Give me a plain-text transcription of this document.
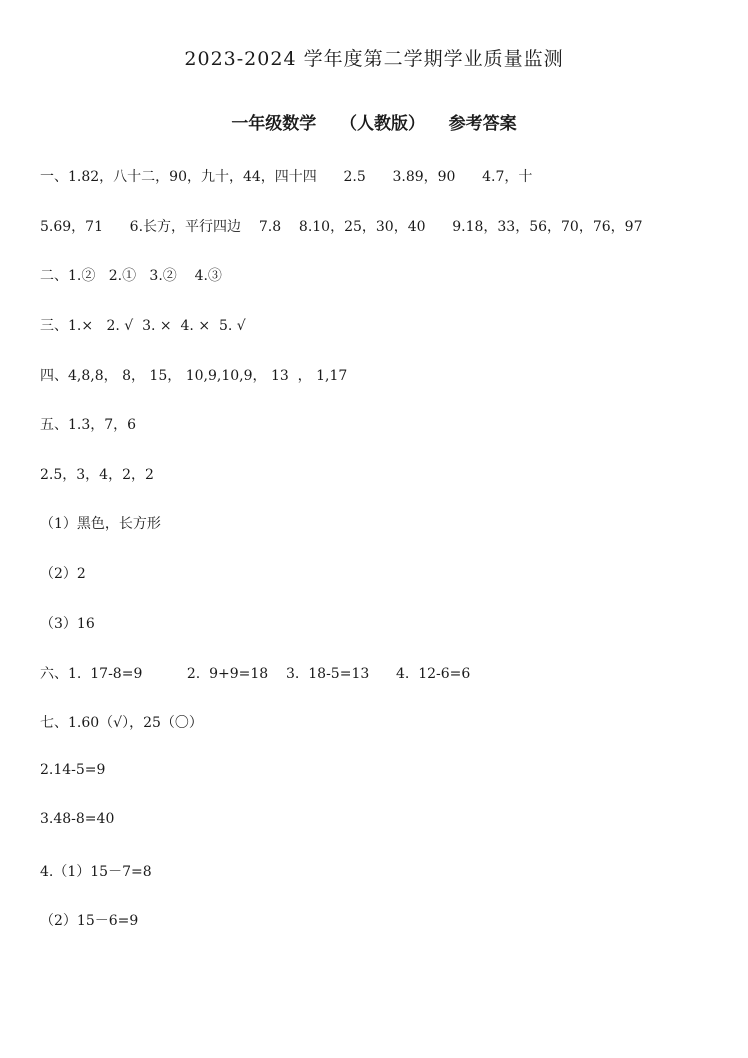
2023-2024 学年度第二学期学业质量监测
一年级数学    （人教版）    参考答案
一、1.82，八十二，90，九十，44，四十四      2.5      3.89，90      4.7，十
5.69，71      6.长方，平行四边    7.8    8.10，25，30，40      9.18，33，56，70，76，97
二、1.②   2.①   3.②    4.③
三、1.×   2. √  3. ×  4. ×  5. √
四、4,8,8， 8， 15， 10,9,10,9， 13  ， 1,17
五、1.3，7，6
2.5，3，4，2，2
（1）黑色，长方形
（2）2
（3）16
六、1.  17-8=9          2.  9+9=18    3.  18-5=13      4.  12-6=6
七、1.60（√），25（〇）
2.14-5=9
3.48-8=40
4.（1）15－7=8
（2）15－6=9
